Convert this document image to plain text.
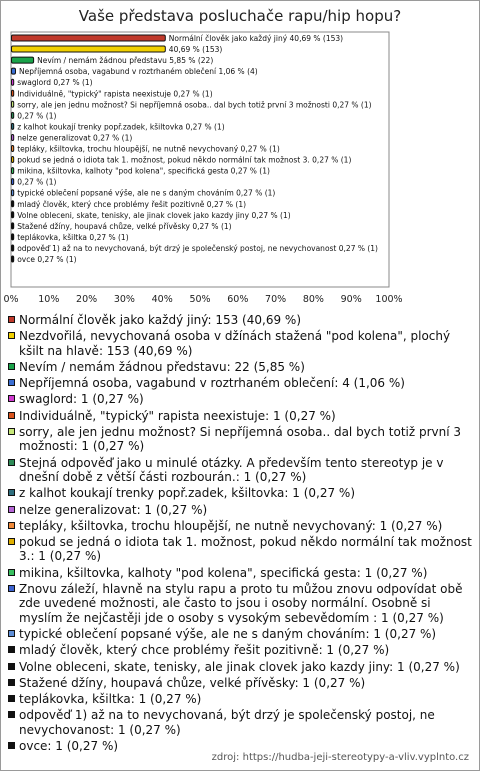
Vaše představa posluchače rapu/hip hopu?
Normální člověk jako každý jiný 40,69 % (153)
40,69 % (153)
Nevím / nemám žádnou představu 5,85 % (22)
Nepříjemná osoba, vagabund v roztrhaném oblečení 1,06 % (4)
swaglord 0,27 % (1)
Individuálně, "typický" rapista neexistuje 0,27 % (1)
sorry, ale jen jednu možnost? Si nepříjemná osoba.. dal bych totiž první 3 možnosti 0,27 % (1)
0,27 % (1)
z kalhot koukají trenky popř.zadek, kšiltovka 0,27 % (1)
nelze generalizovat 0,27 % (1)
tepláky, kšiltovka, trochu hloupější, ne nutně nevychovaný 0,27 % (1)
pokud se jedná o idiota tak 1. možnost, pokud někdo normální tak možnost 3. 0,27 % (1)
mikina, kšiltovka, kalhoty "pod kolena", specifická gesta 0,27 % (1)
0,27 % (1)
typické oblečení popsané výše, ale ne s daným chováním 0,27 % (1)
mladý člověk, který chce problémy řešit pozitivně 0,27 % (1)
Volne obleceni, skate, tenisky, ale jinak clovek jako kazdy jiny 0,27 % (1)
Stažené džíny, houpavá chůze, velké přívěsky 0,27 % (1)
teplákovka, kšiltka 0,27 % (1)
odpověď 1) až na to nevychovaná, být drzý je společenský postoj, ne nevychovanost 0,27 % (1)
ovce 0,27 % (1)
0% 10% 20% 30% 40% 50% 60% 70% 80% 90% 100%
Normální člověk jako každý jiný: 153 (40,69 %)
Nezdvořilá, nevychovaná osoba v džínách stažená "pod kolena", plochý kšilt na hlavě: 153 (40,69 %)
Nevím / nemám žádnou představu: 22 (5,85 %)
Nepříjemná osoba, vagabund v roztrhaném oblečení: 4 (1,06 %)
swaglord: 1 (0,27 %)
Individuálně, "typický" rapista neexistuje: 1 (0,27 %)
sorry, ale jen jednu možnost? Si nepříjemná osoba.. dal bych totiž první 3 možnosti: 1 (0,27 %)
Stejná odpověď jako u minulé otázky. A především tento stereotyp je v dnešní době z větší části rozbourán.: 1 (0,27 %)
z kalhot koukají trenky popř.zadek, kšiltovka: 1 (0,27 %)
nelze generalizovat: 1 (0,27 %)
tepláky, kšiltovka, trochu hloupější, ne nutně nevychovaný: 1 (0,27 %)
pokud se jedná o idiota tak 1. možnost, pokud někdo normální tak možnost 3.: 1 (0,27 %)
mikina, kšiltovka, kalhoty "pod kolena", specifická gesta: 1 (0,27 %)
Znovu záleží, hlavně na stylu rapu a proto tu můžou znovu odpovídat obě zde uvedené možnosti, ale často to jsou i osoby normální. Osobně si myslím že nejčastěji jde o osoby s vysokým sebevědomím : 1 (0,27 %)
typické oblečení popsané výše, ale ne s daným chováním: 1 (0,27 %)
mladý člověk, který chce problémy řešit pozitivně: 1 (0,27 %)
Volne obleceni, skate, tenisky, ale jinak clovek jako kazdy jiny: 1 (0,27 %)
Stažené džíny, houpavá chůze, velké přívěsky: 1 (0,27 %)
teplákovka, kšiltka: 1 (0,27 %)
odpověď 1) až na to nevychovaná, být drzý je společenský postoj, ne nevychovanost: 1 (0,27 %)
ovce: 1 (0,27 %)
zdroj: https://hudba-jeji-stereotypy-a-vliv.vyplnto.cz
